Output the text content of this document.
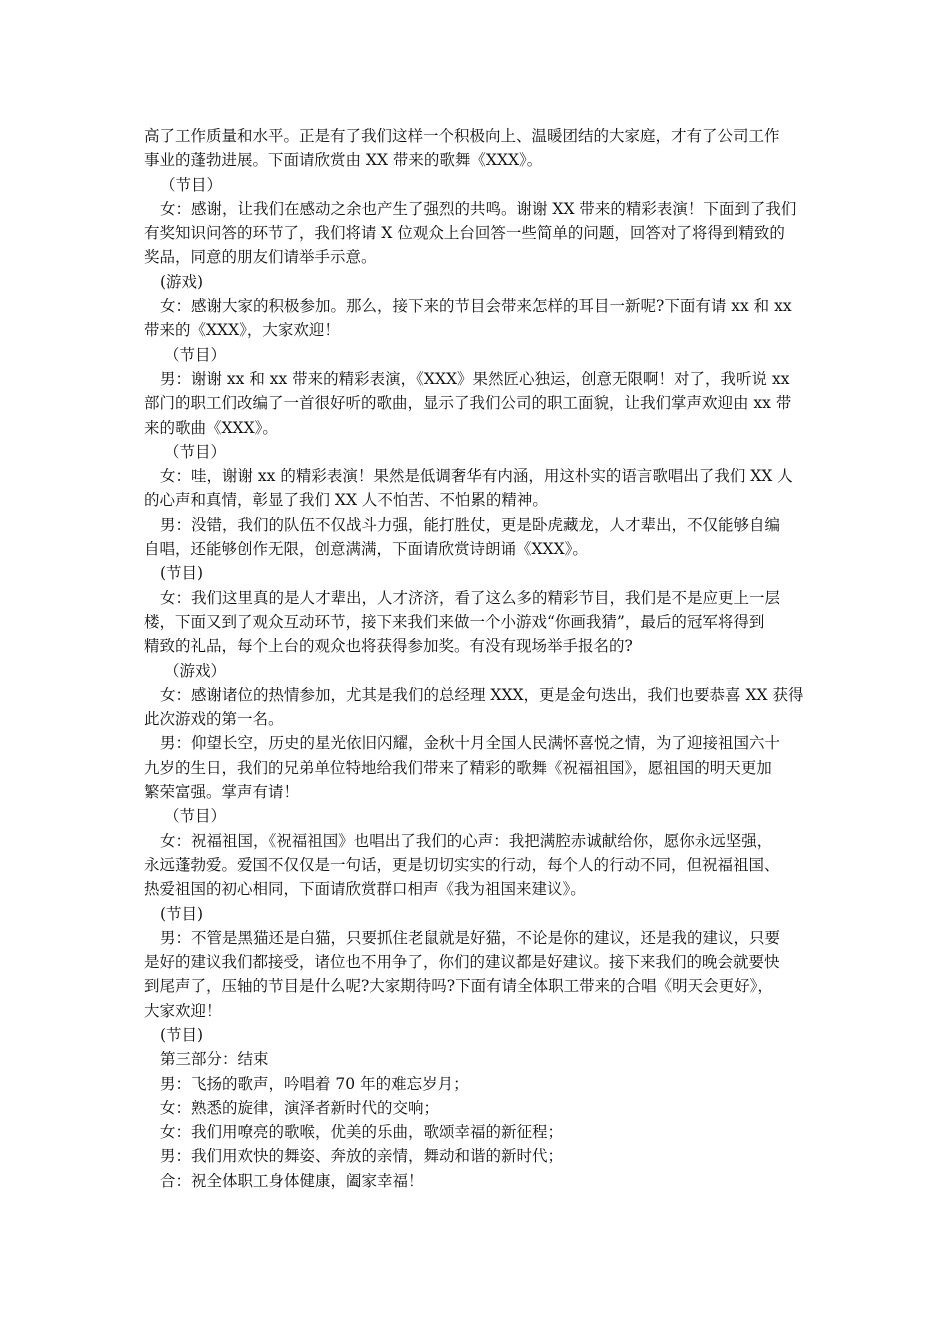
高了工作质量和水平。正是有了我们这样一个积极向上、温暖团结的大家庭，才有了公司工作
事业的蓬勃进展。下面请欣赏由 XX 带来的歌舞《XXX》。
（节目）
女：感谢，让我们在感动之余也产生了强烈的共鸣。谢谢 XX 带来的精彩表演！下面到了我们
有奖知识问答的环节了，我们将请 X 位观众上台回答一些简单的问题，回答对了将得到精致的
奖品，同意的朋友们请举手示意。
(游戏)
女：感谢大家的积极参加。那么，接下来的节目会带来怎样的耳目一新呢?下面有请 xx 和 xx
带来的《XXX》，大家欢迎！
（节目）
男：谢谢 xx 和 xx 带来的精彩表演，《XXX》果然匠心独运，创意无限啊！对了，我听说 xx
部门的职工们改编了一首很好听的歌曲，显示了我们公司的职工面貌，让我们掌声欢迎由 xx 带
来的歌曲《XXX》。
（节目）
女：哇，谢谢 xx 的精彩表演！果然是低调奢华有内涵，用这朴实的语言歌唱出了我们 XX 人
的心声和真情，彰显了我们 XX 人不怕苦、不怕累的精神。
男：没错，我们的队伍不仅战斗力强，能打胜仗，更是卧虎藏龙，人才辈出，不仅能够自编
自唱，还能够创作无限，创意满满，下面请欣赏诗朗诵《XXX》。
(节目)
女：我们这里真的是人才辈出，人才济济，看了这么多的精彩节目，我们是不是应更上一层
楼，下面又到了观众互动环节，接下来我们来做一个小游戏“你画我猜”，最后的冠军将得到
精致的礼品，每个上台的观众也将获得参加奖。有没有现场举手报名的?
（游戏）
女：感谢诸位的热情参加，尤其是我们的总经理 XXX，更是金句迭出，我们也要恭喜 XX 获得
此次游戏的第一名。
男：仰望长空，历史的星光依旧闪耀，金秋十月全国人民满怀喜悦之情，为了迎接祖国六十
九岁的生日，我们的兄弟单位特地给我们带来了精彩的歌舞《祝福祖国》，愿祖国的明天更加
繁荣富强。掌声有请！
（节目）
女：祝福祖国，《祝福祖国》也唱出了我们的心声：我把满腔赤诚献给你，愿你永远坚强，
永远蓬勃爱。爱国不仅仅是一句话，更是切切实实的行动，每个人的行动不同，但祝福祖国、
热爱祖国的初心相同，下面请欣赏群口相声《我为祖国来建议》。
(节目)
男：不管是黑猫还是白猫，只要抓住老鼠就是好猫，不论是你的建议，还是我的建议，只要
是好的建议我们都接受，诸位也不用争了，你们的建议都是好建议。接下来我们的晚会就要快
到尾声了，压轴的节目是什么呢?大家期待吗?下面有请全体职工带来的合唱《明天会更好》，
大家欢迎！
(节目)
第三部分：结束
男：飞扬的歌声，吟唱着 70 年的难忘岁月；
女：熟悉的旋律，演泽者新时代的交响；
女：我们用嘹亮的歌喉，优美的乐曲，歌颂幸福的新征程；
男：我们用欢快的舞姿、奔放的亲情，舞动和谐的新时代；
合：祝全体职工身体健康，阖家幸福！
